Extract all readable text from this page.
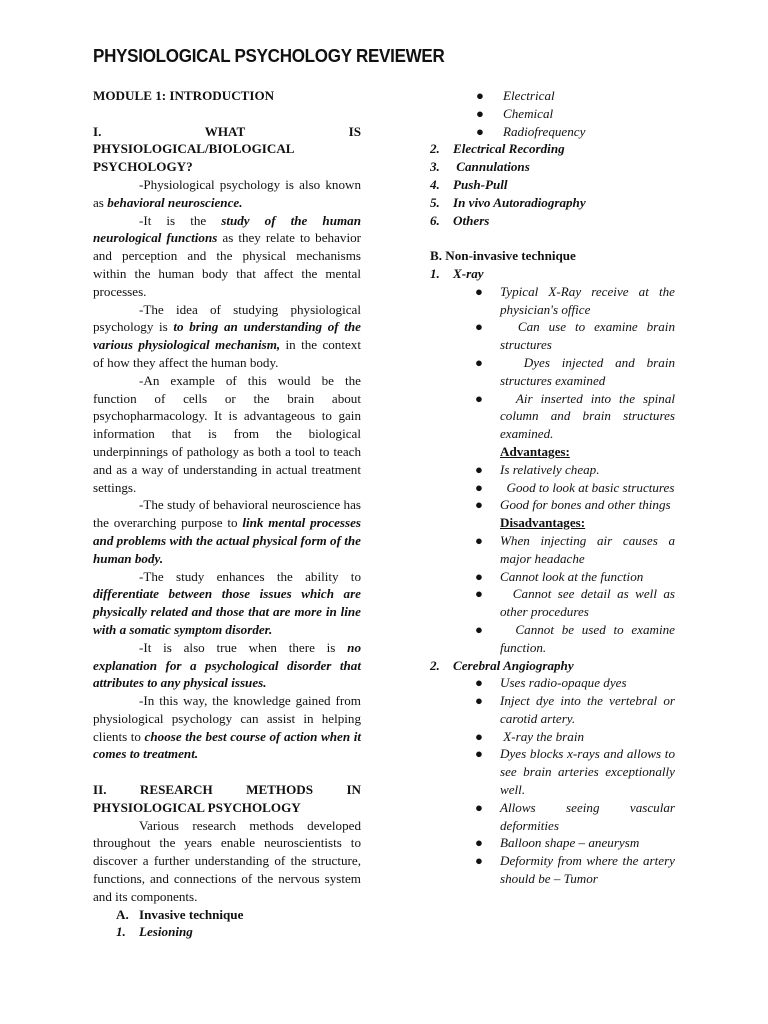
PHYSIOLOGICAL PSYCHOLOGY REVIEWER

MODULE 1: INTRODUCTION

I. WHAT IS

PHYSIOLOGICAL/BIOLOGICAL

PSYCHOLOGY?

-Physiological psychology is also known as behavioral neuroscience.

-It is the study of the human neurological functions as they relate to behavior and perception and the physical mechanisms within the human body that affect the mental processes.

-The idea of studying physiological psychology is to bring an understanding of the various physiological mechanism, in the context of how they affect the human body.

-An example of this would be the function of cells or the brain about psychopharmacology. It is advantageous to gain information that is from the biological underpinnings of pathology as both a tool to teach and as a way of understanding in actual treatment settings.

-The study of behavioral neuroscience has the overarching purpose to link mental processes and problems with the actual physical form of the human body.

-The study enhances the ability to differentiate between those issues which are physically related and those that are more in line with a somatic symptom disorder.

-It is also true when there is no explanation for a psychological disorder that attributes to any physical issues.

-In this way, the knowledge gained from physiological psychology can assist in helping clients to choose the best course of action when it comes to treatment.

II. RESEARCH METHODS IN

PHYSIOLOGICAL PSYCHOLOGY

Various research methods developed throughout the years enable neuroscientists to discover a further understanding of the structure, functions, and connections of the nervous system and its components.

A. Invasive technique

1. Lesioning

● Electrical
● Chemical
● Radiofrequency

2. Electrical Recording

3. Cannulations

4. Push-Pull

5. In vivo Autoradiography

6. Others

B. Non-invasive technique

1. X-ray

● Typical X-Ray receive at the physician's office
● Can use to examine brain structures
● Dyes injected and brain structures examined
● Air inserted into the spinal column and brain structures examined.

Advantages:

● Is relatively cheap.
● Good to look at basic structures
● Good for bones and other things

Disadvantages:

● When injecting air causes a major headache
● Cannot look at the function
● Cannot see detail as well as other procedures
● Cannot be used to examine function.

2. Cerebral Angiography

● Uses radio-opaque dyes
● Inject dye into the vertebral or carotid artery.
● X-ray the brain
● Dyes blocks x-rays and allows to see brain arteries exceptionally well.
● Allows seeing vascular deformities
● Balloon shape – aneurysm
● Deformity from where the artery should be – Tumor
